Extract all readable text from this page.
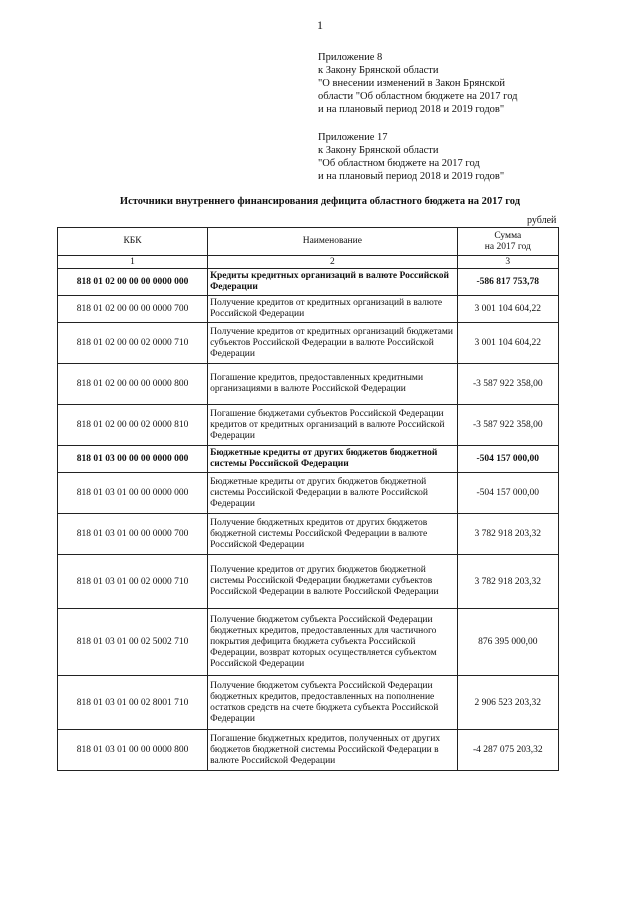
1
Приложение 8
к Закону Брянской области
"О внесении изменений в Закон Брянской
области "Об областном бюджете на 2017 год
и на плановый период 2018 и 2019 годов"
Приложение 17
к Закону Брянской области
"Об областном бюджете на 2017 год
и на плановый период 2018 и 2019 годов"
Источники внутреннего финансирования дефицита областного бюджета на 2017 год
рублей
КБК	Наименование	Сумма
на 2017 год

1	2	3
818 01 02 00 00 00 0000 000	Кредиты кредитных организаций в валюте Российской Федерации	-586 817 753,78
818 01 02 00 00 00 0000 700	Получение кредитов от кредитных организаций в валюте Российской Федерации	3 001 104 604,22
818 01 02 00 00 02 0000 710	Получение кредитов от кредитных организаций бюджетами субъектов Российской Федерации в валюте Российской Федерации	3 001 104 604,22
818 01 02 00 00 00 0000 800	Погашение кредитов, предоставленных кредитными организациями в валюте Российской Федерации	-3 587 922 358,00
818 01 02 00 00 02 0000 810	Погашение бюджетами субъектов Российской Федерации кредитов от кредитных организаций в валюте Российской Федерации	-3 587 922 358,00
818 01 03 00 00 00 0000 000	Бюджетные кредиты от других бюджетов бюджетной системы Российской Федерации	-504 157 000,00
818 01 03 01 00 00 0000 000	Бюджетные кредиты от других бюджетов бюджетной системы Российской Федерации в валюте Российской Федерации	-504 157 000,00
818 01 03 01 00 00 0000 700	Получение бюджетных кредитов от других бюджетов бюджетной системы Российской Федерации в валюте Российской Федерации	3 782 918 203,32
818 01 03 01 00 02 0000 710	Получение кредитов от других бюджетов бюджетной системы Российской Федерации бюджетами субъектов Российской Федерации в валюте Российской Федерации	3 782 918 203,32
818 01 03 01 00 02 5002 710	Получение бюджетом субъекта Российской Федерации бюджетных кредитов, предоставленных для частичного покрытия дефицита бюджета субъекта Российской Федерации, возврат которых осуществляется субъектом Российской Федерации	876 395 000,00
818 01 03 01 00 02 8001 710	Получение бюджетом субъекта Российской Федерации бюджетных кредитов, предоставленных на пополнение остатков средств на счете бюджета субъекта Российской Федерации	2 906 523 203,32
818 01 03 01 00 00 0000 800	Погашение бюджетных кредитов, полученных от других бюджетов бюджетной системы Российской Федерации в валюте Российской Федерации	-4 287 075 203,32
